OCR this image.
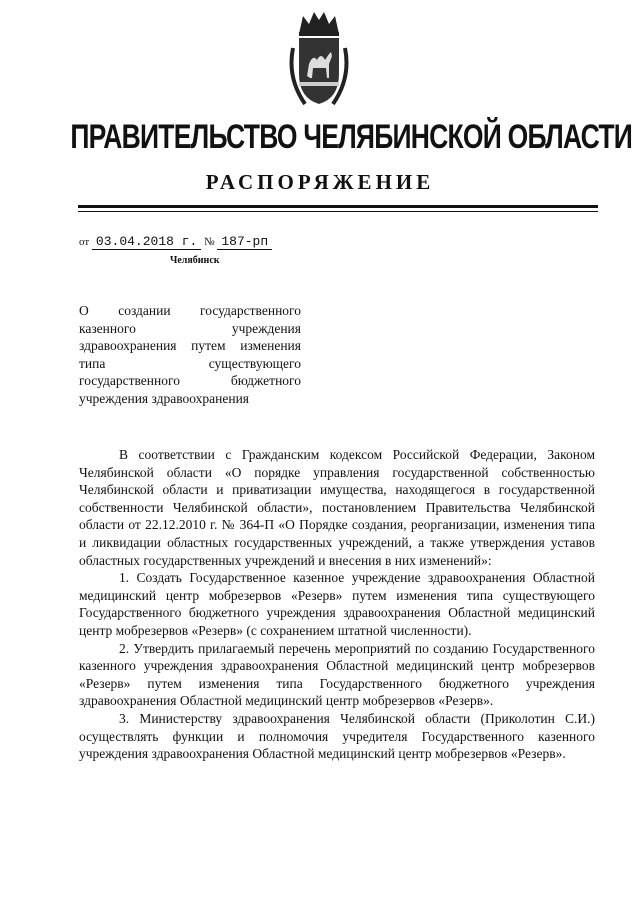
ПРАВИТЕЛЬСТВО ЧЕЛЯБИНСКОЙ ОБЛАСТИ
РАСПОРЯЖЕНИЕ
от 03.04.2018 г. № 187-рп
Челябинск
О создании государственного казенного учреждения здравоохранения путем изменения типа существующего государственного бюджетного учреждения здравоохранения

В соответствии с Гражданским кодексом Российской Федерации, Законом Челябинской области «О порядке управления государственной собственностью Челябинской области и приватизации имущества, находящегося в государственной собственности Челябинской области», постановлением Правительства Челябинской области от 22.12.2010 г. № 364-П «О Порядке создания, реорганизации, изменения типа и ликвидации областных государственных учреждений, а также утверждения уставов областных государственных учреждений и внесения в них изменений»:

1. Создать Государственное казенное учреждение здравоохранения Областной медицинский центр мобрезервов «Резерв» путем изменения типа существующего Государственного бюджетного учреждения здравоохранения Областной медицинский центр мобрезервов «Резерв» (с сохранением штатной численности).

2. Утвердить прилагаемый перечень мероприятий по созданию Государственного казенного учреждения здравоохранения Областной медицинский центр мобрезервов «Резерв» путем изменения типа Государственного бюджетного учреждения здравоохранения Областной медицинский центр мобрезервов «Резерв».

3. Министерству здравоохранения Челябинской области (Приколотин С.И.) осуществлять функции и полномочия учредителя Государственного казенного учреждения здравоохранения Областной медицинский центр мобрезервов «Резерв».
